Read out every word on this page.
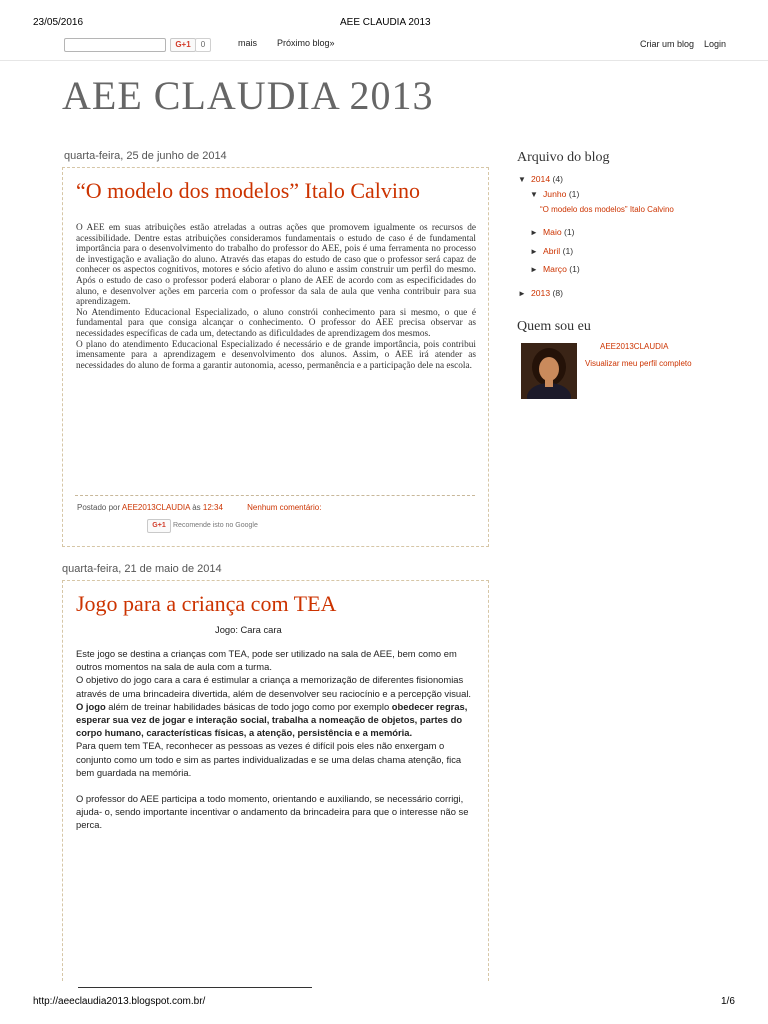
23/05/2016	AEE CLAUDIA 2013
G+1	0	mais Próximo blog»	Criar um blog Login
AEE CLAUDIA 2013
quarta-feira, 25 de junho de 2014
“O modelo dos modelos” Italo Calvino

O AEE em suas atribuições estão atreladas a outras ações que promovem igualmente os recursos de acessibilidade. Dentre estas atribuições consideramos fundamentais o estudo de caso é de fundamental importância para o desenvolvimento do trabalho do professor do AEE, pois é uma ferramenta no processo de investigação e avaliação do aluno. Através das etapas do estudo de caso que o professor será capaz de conhecer os aspectos cognitivos, motores e sócio afetivo do aluno e assim construir um perfil do mesmo. Após o estudo de caso o professor poderá elaborar o plano de AEE de acordo com as especificidades do aluno, e desenvolver ações em parceria com o professor da sala de aula que venha contribuir para sua aprendizagem.

No Atendimento Educacional Especializado, o aluno constrói conhecimento para si mesmo, o que é fundamental para que consiga alcançar o conhecimento. O professor do AEE precisa observar as necessidades específicas de cada um, detectando as dificuldades de aprendizagem dos mesmos.

O plano do atendimento Educacional Especializado é necessário e de grande importância, pois contribui imensamente para a aprendizagem e desenvolvimento dos alunos. Assim, o AEE irá atender as necessidades do aluno de forma a garantir autonomia, acesso, permanência e a participação dele na escola.

Postado por AEE2013CLAUDIA às 12:34	Nenhum comentário:
G+1	Recomende isto no Google
quarta-feira, 21 de maio de 2014
Jogo para a criança com TEA
Jogo: Cara cara

Este jogo se destina a crianças com TEA, pode ser utilizado na sala de AEE, bem como em outros momentos na sala de aula com a turma.

O objetivo do jogo cara a cara é estimular a criança a memorização de diferentes fisionomias através de uma brincadeira divertida, além de desenvolver seu raciocínio e a percepção visual.

O jogo além de treinar habilidades básicas de todo jogo como por exemplo obedecer regras, esperar sua vez de jogar e interação social, trabalha a nomeação de objetos, partes do corpo humano, características físicas, a atenção, persistência e a memória.

Para quem tem TEA, reconhecer as pessoas as vezes é difícil pois eles não enxergam o conjunto como um todo e sim as partes individualizadas e se uma delas chama atenção, fica bem guardada na memória.

O professor do AEE participa a todo momento, orientando e auxiliando, se necessário corrigi, ajuda- o, sendo importante incentivar o andamento da brincadeira para que o interesse não se perca.

Arquivo do blog
▼ 2014 (4)
▼ Junho (1)
“O modelo dos modelos” Italo Calvino
► Maio (1)
► Abril (1)
► Março (1)
► 2013 (8)
Quem sou eu
AEE2013CLAUDIA
Visualizar meu perfil completo
http://aeeclaudia2013.blogspot.com.br/	1/6
